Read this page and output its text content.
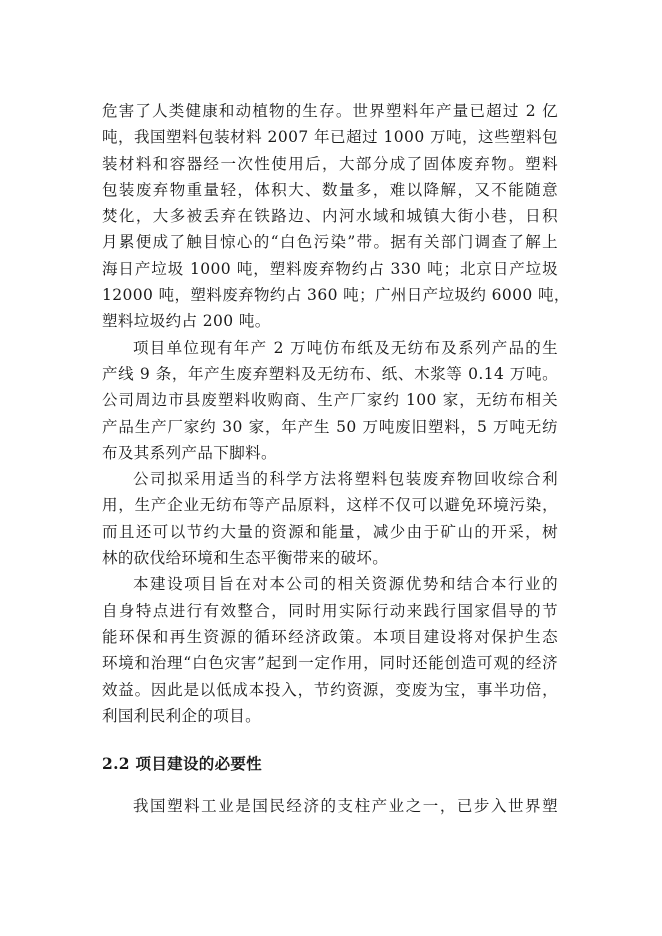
危害了人类健康和动植物的生存。世界塑料年产量已超过 2 亿
吨，我国塑料包装材料 2007 年已超过 1000 万吨，这些塑料包
装材料和容器经一次性使用后，大部分成了固体废弃物。塑料
包装废弃物重量轻，体积大、数量多，难以降解，又不能随意
焚化，大多被丢弃在铁路边、内河水域和城镇大街小巷，日积
月累便成了触目惊心的“白色污染”带。据有关部门调查了解上
海日产垃圾 1000 吨，塑料废弃物约占 330 吨；北京日产垃圾
12000 吨，塑料废弃物约占 360 吨；广州日产垃圾约 6000 吨，
塑料垃圾约占 200 吨。
项目单位现有年产 2 万吨仿布纸及无纺布及系列产品的生
产线 9 条，年产生废弃塑料及无纺布、纸、木浆等 0.14 万吨。
公司周边市县废塑料收购商、生产厂家约 100 家，无纺布相关
产品生产厂家约 30 家，年产生 50 万吨废旧塑料，5 万吨无纺
布及其系列产品下脚料。
公司拟采用适当的科学方法将塑料包装废弃物回收综合利
用，生产企业无纺布等产品原料，这样不仅可以避免环境污染，
而且还可以节约大量的资源和能量，减少由于矿山的开采，树
林的砍伐给环境和生态平衡带来的破坏。
本建设项目旨在对本公司的相关资源优势和结合本行业的
自身特点进行有效整合，同时用实际行动来践行国家倡导的节
能环保和再生资源的循环经济政策。本项目建设将对保护生态
环境和治理“白色灾害”起到一定作用，同时还能创造可观的经济
效益。因此是以低成本投入，节约资源，变废为宝，事半功倍，
利国利民利企的项目。
2.2 项目建设的必要性
我国塑料工业是国民经济的支柱产业之一，已步入世界塑
